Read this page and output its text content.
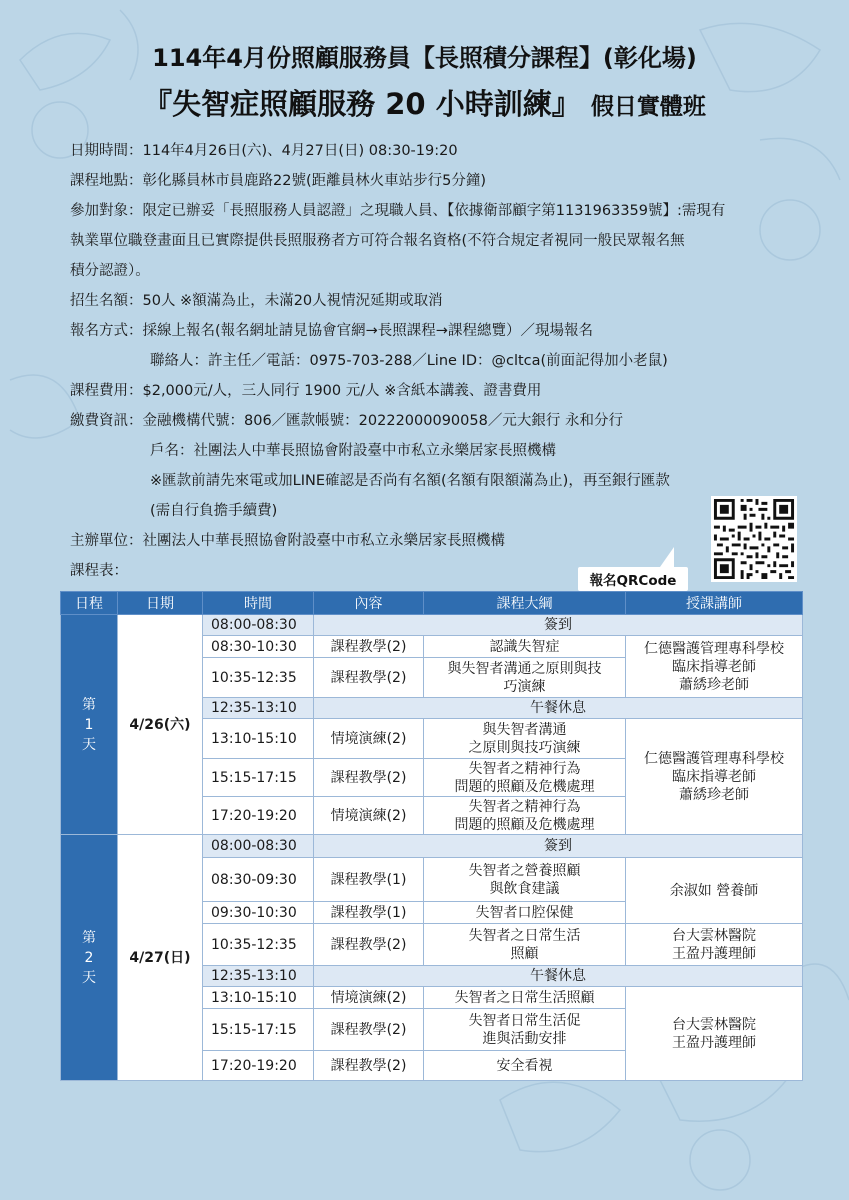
114年4月份照顧服務員【長照積分課程】(彰化場)
『失智症照顧服務 20 小時訓練』 假日實體班
日期時間： 114年4月26日(六)、4月27日(日) 08:30-19:20
課程地點： 彰化縣員林市員鹿路22號(距離員林火車站步行5分鐘)
參加對象： 限定已辦妥「長照服務人員認證」之現職人員、【依據衛部顧字第1131963359號】:需現有
執業單位職登畫面且已實際提供長照服務者方可符合報名資格(不符合規定者視同一般民眾報名無
積分認證）。
招生名額： 50人 ※額滿為止，未滿20人視情況延期或取消
報名方式： 採線上報名(報名網址請見協會官網→長照課程→課程總覽）／現場報名
聯絡人：許主任／電話：0975-703-288／Line ID：@cltca(前面記得加小老鼠)
課程費用： $2,000元/人，三人同行 1900 元/人 ※含紙本講義、證書費用
繳費資訊： 金融機構代號：806／匯款帳號：20222000090058／元大銀行 永和分行
戶名：社團法人中華長照協會附設臺中市私立永樂居家長照機構
※匯款前請先來電或加LINE確認是否尚有名額(名額有限額滿為止)，再至銀行匯款
(需自行負擔手續費)
主辦單位： 社團法人中華長照協會附設臺中市私立永樂居家長照機構
課程表：
報名QRCode
日程	日期	時間	內容	課程大綱	授課講師
第
1
天	4/26(六)	08:00-08:30	簽到		
		08:30-10:30	課程教學(2)	認識失智症	仁德醫護管理專科學校
臨床指導老師
蕭綉珍老師
		10:35-12:35	課程教學(2)	與失智者溝通之原則與技
巧演練	
		12:35-13:10	午餐休息		
		13:10-15:10	情境演練(2)	與失智者溝通
之原則與技巧演練	仁德醫護管理專科學校
臨床指導老師
蕭綉珍老師
		15:15-17:15	課程教學(2)	失智者之精神行為
問題的照顧及危機處理	
		17:20-19:20	情境演練(2)	失智者之精神行為
問題的照顧及危機處理	
第
2
天	4/27(日)	08:00-08:30	簽到		
		08:30-09:30	課程教學(1)	失智者之營養照顧
與飲食建議	余淑如 營養師
		09:30-10:30	課程教學(1)	失智者口腔保健	
		10:35-12:35	課程教學(2)	失智者之日常生活
照顧	台大雲林醫院
王盈丹護理師
		12:35-13:10	午餐休息		
		13:10-15:10	情境演練(2)	失智者之日常生活照顧	台大雲林醫院
王盈丹護理師
		15:15-17:15	課程教學(2)	失智者日常生活促
進與活動安排	
		17:20-19:20	課程教學(2)	安全看視	
